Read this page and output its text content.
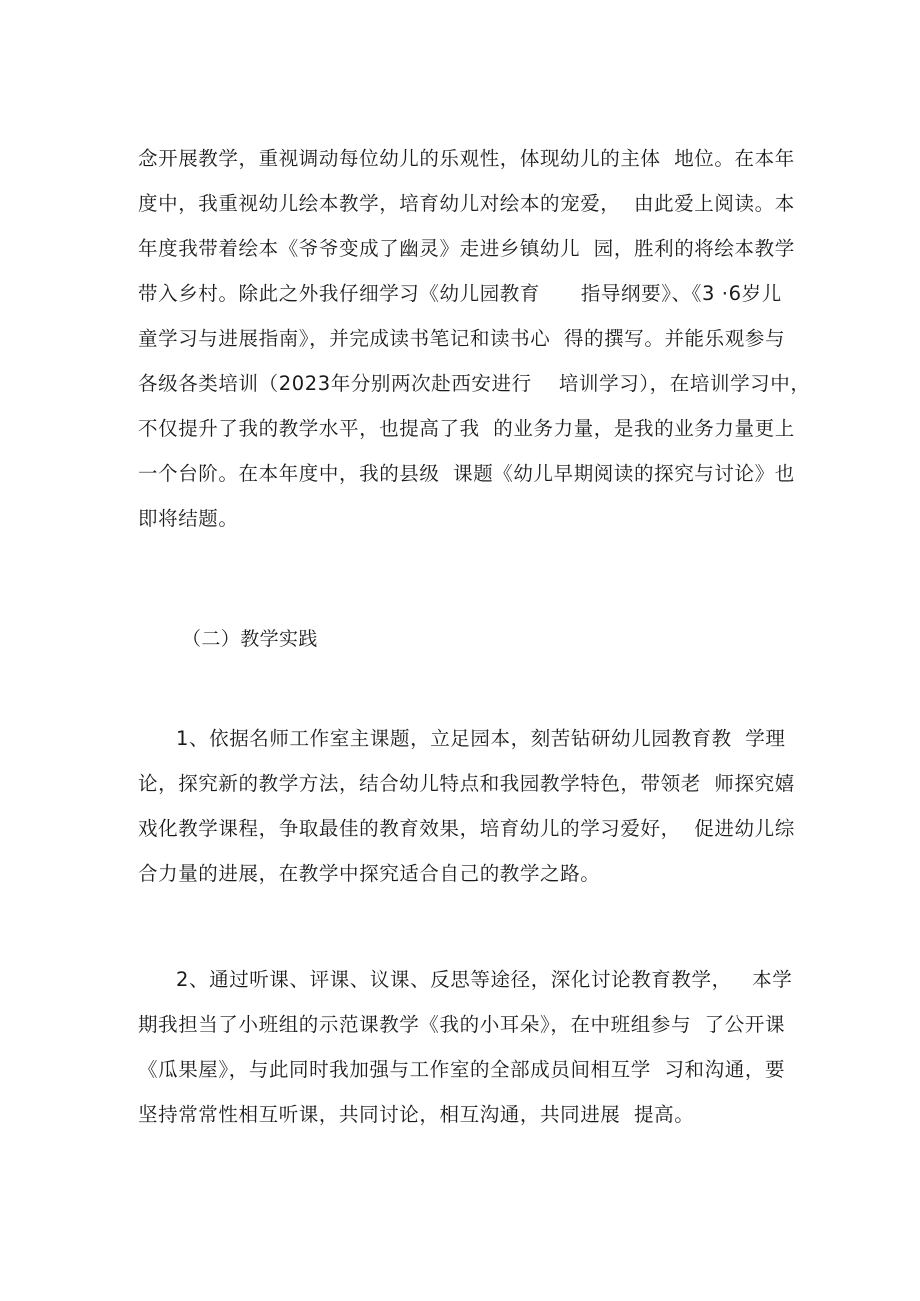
念开展教学，重视调动每位幼儿的乐观性，体现幼儿的主体  地位。在本年
度中，我重视幼儿绘本教学，培育幼儿对绘本的宠爱，  由此爱上阅读。本
年度我带着绘本《爷爷变成了幽灵》走进乡镇幼儿  园，胜利的将绘本教学
带入乡村。除此之外我仔细学习《幼儿园教育      指导纲要》、《3 ·6岁儿
童学习与进展指南》，并完成读书笔记和读书心  得的撰写。并能乐观参与
各级各类培训（2023年分别两次赴西安进行    培训学习），在培训学习中，
不仅提升了我的教学水平，也提高了我  的业务力量，是我的业务力量更上
一个台阶。在本年度中，我的县级  课题《幼儿早期阅读的探究与讨论》也
即将结题。
（二）教学实践
1、依据名师工作室主课题，立足园本，刻苦钻研幼儿园教育教  学理
论，探究新的教学方法，结合幼儿特点和我园教学特色，带领老  师探究嬉
戏化教学课程，争取最佳的教育效果，培育幼儿的学习爱好，  促进幼儿综
合力量的进展，在教学中探究适合自己的教学之路。
2、通过听课、评课、议课、反思等途径，深化讨论教育教学，   本学
期我担当了小班组的示范课教学《我的小耳朵》，在中班组参与  了公开课
《瓜果屋》，与此同时我加强与工作室的全部成员间相互学  习和沟通，要
坚持常常性相互听课，共同讨论，相互沟通，共同进展  提高。
